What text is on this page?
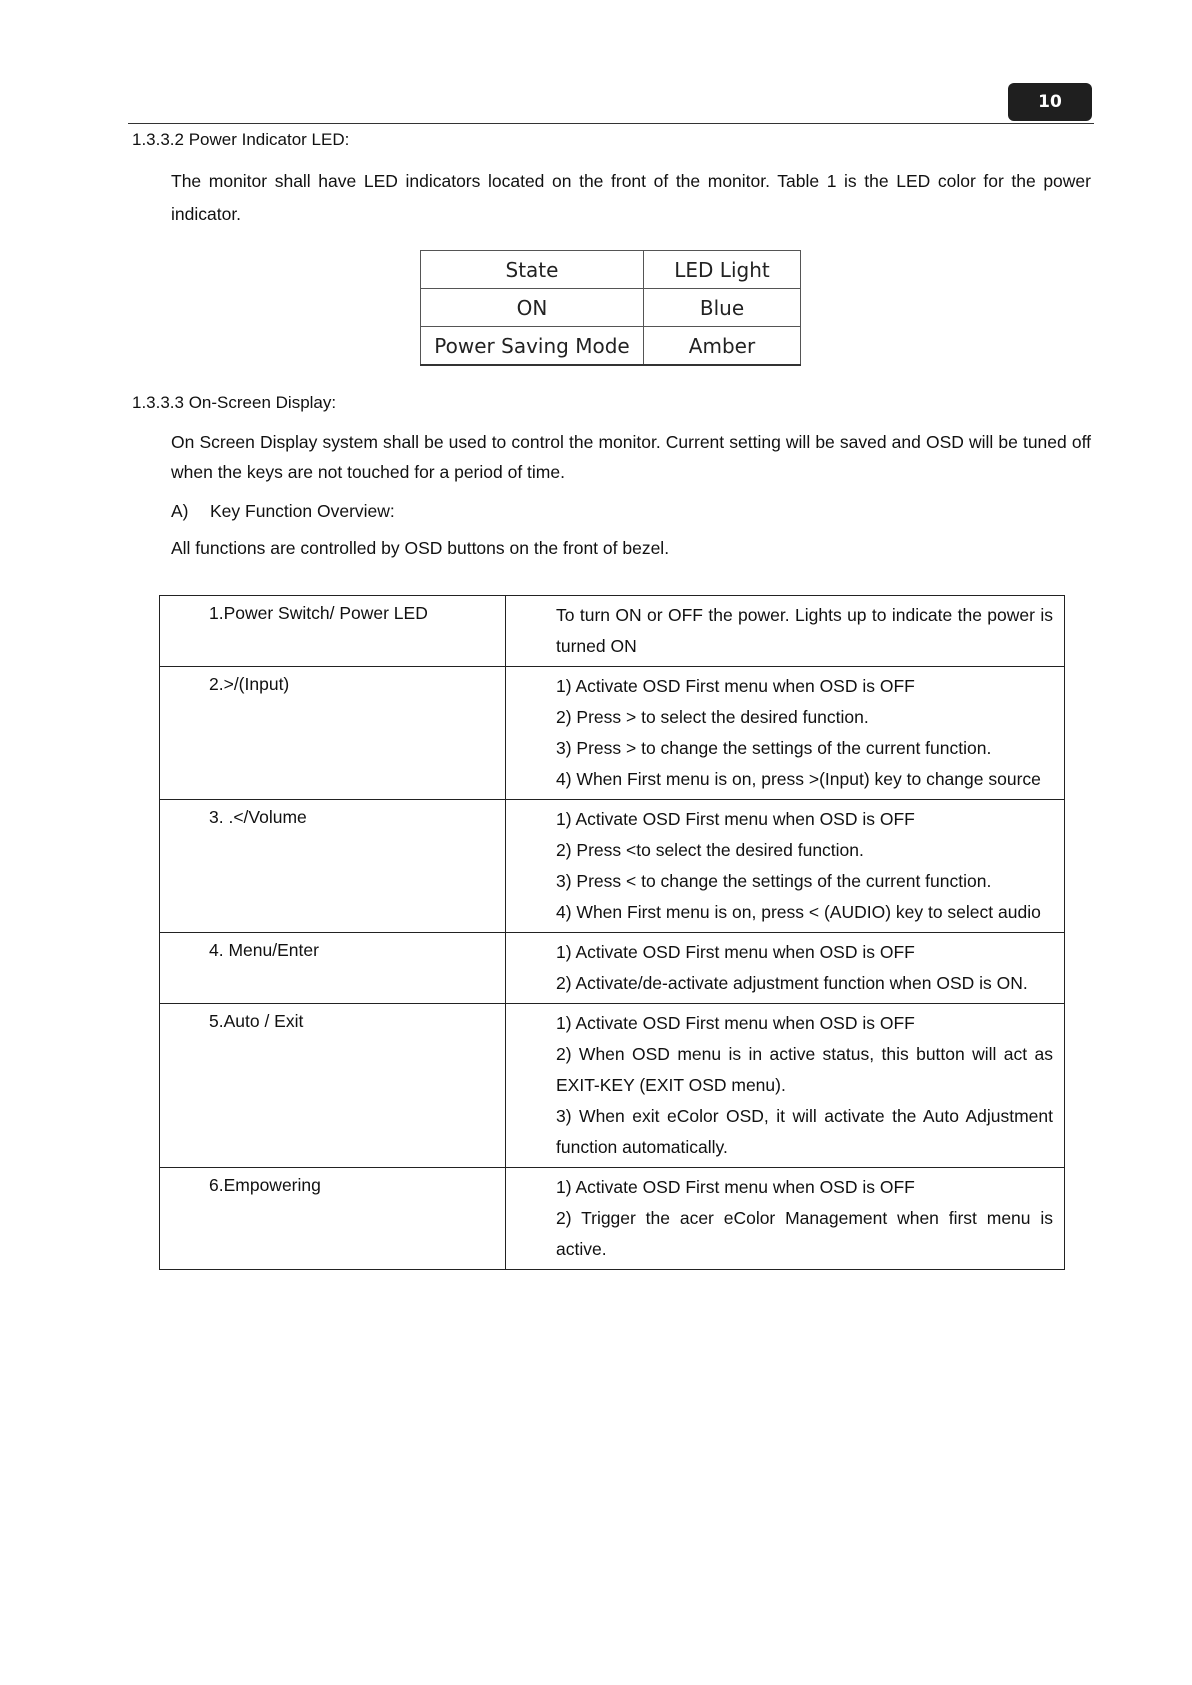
10
1.3.3.2 Power Indicator LED:
The monitor shall have LED indicators located on the front of the monitor. Table 1 is the LED color for the power indicator.
State	LED Light
ON	Blue
Power Saving Mode	Amber
1.3.3.3 On-Screen Display:
On Screen Display system shall be used to control the monitor. Current setting will be saved and OSD will be tuned off when the keys are not touched for a period of time.
A) Key Function Overview:
All functions are controlled by OSD buttons on the front of bezel.
1.Power Switch/ Power LED	To turn ON or OFF the power. Lights up to indicate the power is turned ON

2.>/(Input)	1) Activate OSD First menu when OSD is OFF
2) Press > to select the desired function.
3) Press > to change the settings of the current function.
4) When First menu is on, press >(Input) key to change source

3. .</Volume	1) Activate OSD First menu when OSD is OFF
2) Press <to select the desired function.
3) Press < to change the settings of the current function.
4) When First menu is on, press < (AUDIO) key to select audio

4. Menu/Enter	1) Activate OSD First menu when OSD is OFF
2) Activate/de-activate adjustment function when OSD is ON.

5.Auto / Exit	1) Activate OSD First menu when OSD is OFF
2) When OSD menu is in active status, this button will act as EXIT-KEY (EXIT OSD menu).
3) When exit eColor OSD, it will activate the Auto Adjustment function automatically.

6.Empowering	1) Activate OSD First menu when OSD is OFF
2) Trigger the acer eColor Management when first menu is active.
